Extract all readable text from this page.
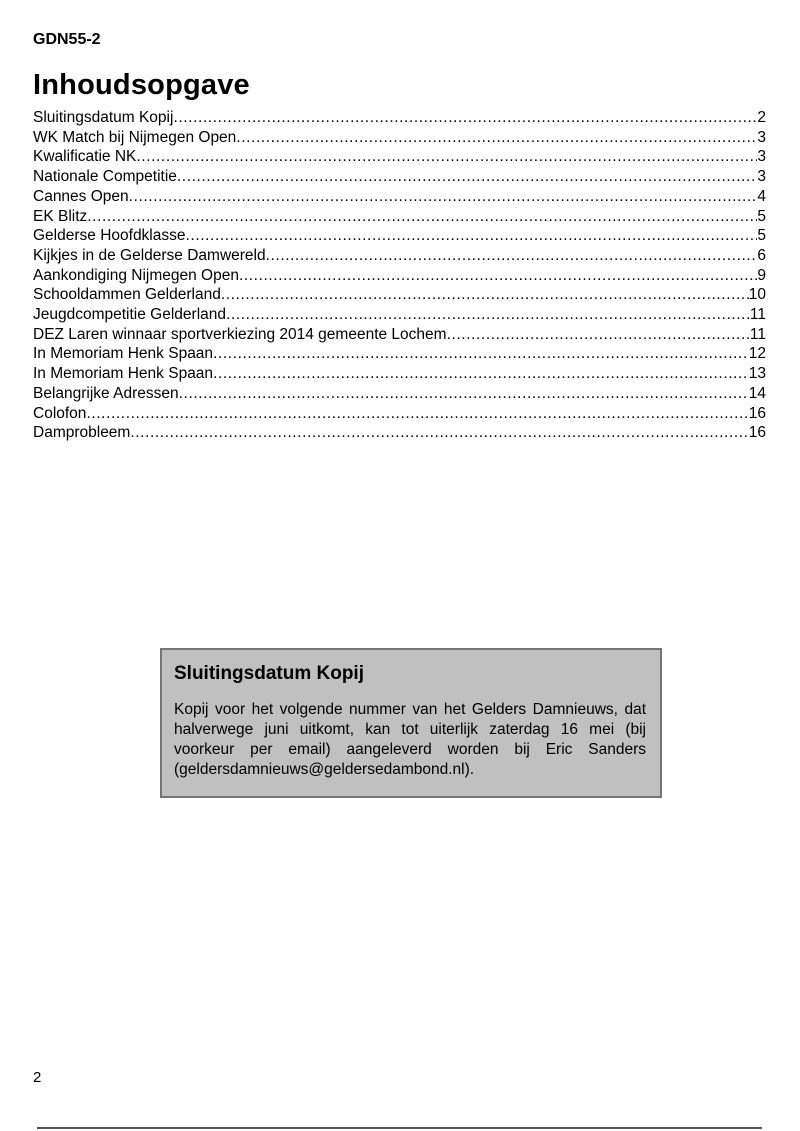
GDN55-2
Inhoudsopgave
Sluitingsdatum Kopij .....	2
WK Match bij Nijmegen Open .....	3
Kwalificatie NK .....	3
Nationale Competitie .....	3
Cannes Open .....	4
EK Blitz .....	5
Gelderse Hoofdklasse .....	5
Kijkjes in de Gelderse Damwereld .....	6
Aankondiging Nijmegen Open .....	9
Schooldammen Gelderland .....	10
Jeugdcompetitie Gelderland .....	11
DEZ Laren winnaar sportverkiezing 2014 gemeente Lochem .....	11
In Memoriam Henk Spaan .....	12
In Memoriam Henk Spaan .....	13
Belangrijke Adressen .....	14
Colofon .....	16
Damprobleem .....	16
Sluitingsdatum Kopij
Kopij voor het volgende nummer van het Gelders Damnieuws, dat halverwege juni uitkomt, kan tot uiterlijk zaterdag 16 mei (bij voorkeur per email) aangeleverd worden bij Eric Sanders (geldersdamnieuws@geldersedambond.nl).
2
